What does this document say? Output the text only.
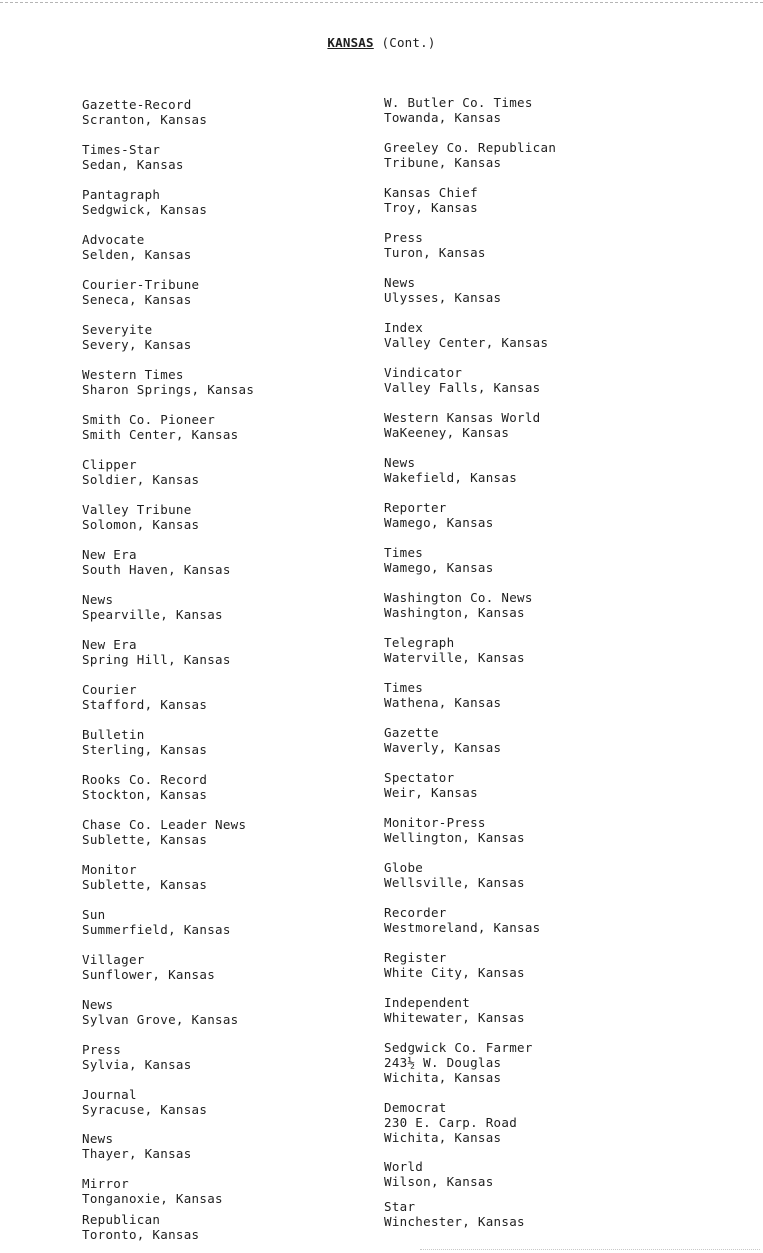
KANSAS (Cont.)
Gazette-Record
Scranton, Kansas
Times-Star
Sedan, Kansas
Pantagraph
Sedgwick, Kansas
Advocate
Selden, Kansas
Courier-Tribune
Seneca, Kansas
Severyite
Severy, Kansas
Western Times
Sharon Springs, Kansas
Smith Co. Pioneer
Smith Center, Kansas
Clipper
Soldier, Kansas
Valley Tribune
Solomon, Kansas
New Era
South Haven, Kansas
News
Spearville, Kansas
New Era
Spring Hill, Kansas
Courier
Stafford, Kansas
Bulletin
Sterling, Kansas
Rooks Co. Record
Stockton, Kansas
Chase Co. Leader News
Sublette, Kansas
Monitor
Sublette, Kansas
Sun
Summerfield, Kansas
Villager
Sunflower, Kansas
News
Sylvan Grove, Kansas
Press
Sylvia, Kansas
Journal
Syracuse, Kansas
News
Thayer, Kansas
Mirror
Tonganoxie, Kansas
Republican
Toronto, Kansas
W. Butler Co. Times
Towanda, Kansas
Greeley Co. Republican
Tribune, Kansas
Kansas Chief
Troy, Kansas
Press
Turon, Kansas
News
Ulysses, Kansas
Index
Valley Center, Kansas
Vindicator
Valley Falls, Kansas
Western Kansas World
WaKeeney, Kansas
News
Wakefield, Kansas
Reporter
Wamego, Kansas
Times
Wamego, Kansas
Washington Co. News
Washington, Kansas
Telegraph
Waterville, Kansas
Times
Wathena, Kansas
Gazette
Waverly, Kansas
Spectator
Weir, Kansas
Monitor-Press
Wellington, Kansas
Globe
Wellsville, Kansas
Recorder
Westmoreland, Kansas
Register
White City, Kansas
Independent
Whitewater, Kansas
Sedgwick Co. Farmer
243½ W. Douglas
Wichita, Kansas
Democrat
230 E. Carp. Road
Wichita, Kansas
World
Wilson, Kansas
Star
Winchester, Kansas
